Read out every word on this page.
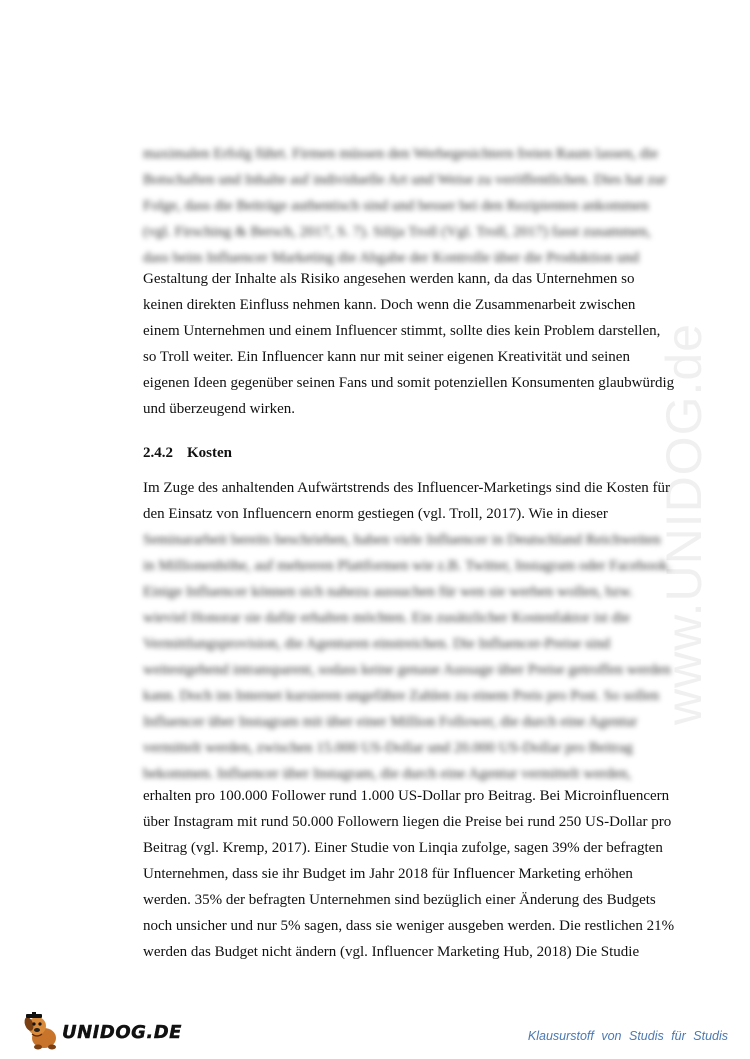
www.UNIDOG.de
maximalen Erfolg führt. Firmen müssen den Werbegesichtern freien Raum lassen, die
Botschaften und Inhalte auf individuelle Art und Weise zu veröffentlichen. Dies hat zur
Folge, dass die Beiträge authentisch sind und besser bei den Rezipienten ankommen
(vgl. Firsching & Bersch, 2017, S. 7). Silija Troll (Vgl. Troll, 2017) fasst zusammen,
dass beim Influencer Marketing die Abgabe der Kontrolle über die Produktion und
Gestaltung der Inhalte als Risiko angesehen werden kann, da das Unternehmen so
keinen direkten Einfluss nehmen kann. Doch wenn die Zusammenarbeit zwischen
einem Unternehmen und einem Influencer stimmt, sollte dies kein Problem darstellen,
so Troll weiter. Ein Influencer kann nur mit seiner eigenen Kreativität und seinen
eigenen Ideen gegenüber seinen Fans und somit potenziellen Konsumenten glaubwürdig
und überzeugend wirken.
2.4.2 Kosten
Im Zuge des anhaltenden Aufwärtstrends des Influencer-Marketings sind die Kosten für
den Einsatz von Influencern enorm gestiegen (vgl. Troll, 2017). Wie in dieser
Seminararbeit bereits beschrieben, haben viele Influencer in Deutschland Reichweiten
in Millionenhöhe, auf mehreren Plattformen wie z.B. Twitter, Instagram oder Facebook.
Einige Influencer können sich nahezu aussuchen für wen sie werben wollen, bzw.
wieviel Honorar sie dafür erhalten möchten. Ein zusätzlicher Kostenfaktor ist die
Vermittlungsprovision, die Agenturen einstreichen. Die Influencer-Preise sind
weitestgehend intransparent, sodass keine genaue Aussage über Preise getroffen werden
kann. Doch im Internet kursieren ungefähre Zahlen zu einem Preis pro Post. So sollen
Influencer über Instagram mit über einer Million Follower, die durch eine Agentur
vermittelt werden, zwischen 15.000 US-Dollar und 20.000 US-Dollar pro Beitrag
bekommen. Influencer über Instagram, die durch eine Agentur vermittelt werden,
erhalten pro 100.000 Follower rund 1.000 US-Dollar pro Beitrag. Bei Microinfluencern
über Instagram mit rund 50.000 Followern liegen die Preise bei rund 250 US-Dollar pro
Beitrag (vgl. Kremp, 2017). Einer Studie von Linqia zufolge, sagen 39% der befragten
Unternehmen, dass sie ihr Budget im Jahr 2018 für Influencer Marketing erhöhen
werden. 35% der befragten Unternehmen sind bezüglich einer Änderung des Budgets
noch unsicher und nur 5% sagen, dass sie weniger ausgeben werden. Die restlichen 21%
werden das Budget nicht ändern (vgl. Influencer Marketing Hub, 2018) Die Studie
UNIDOG.DE	Klausurstoff von Studis für Studis
